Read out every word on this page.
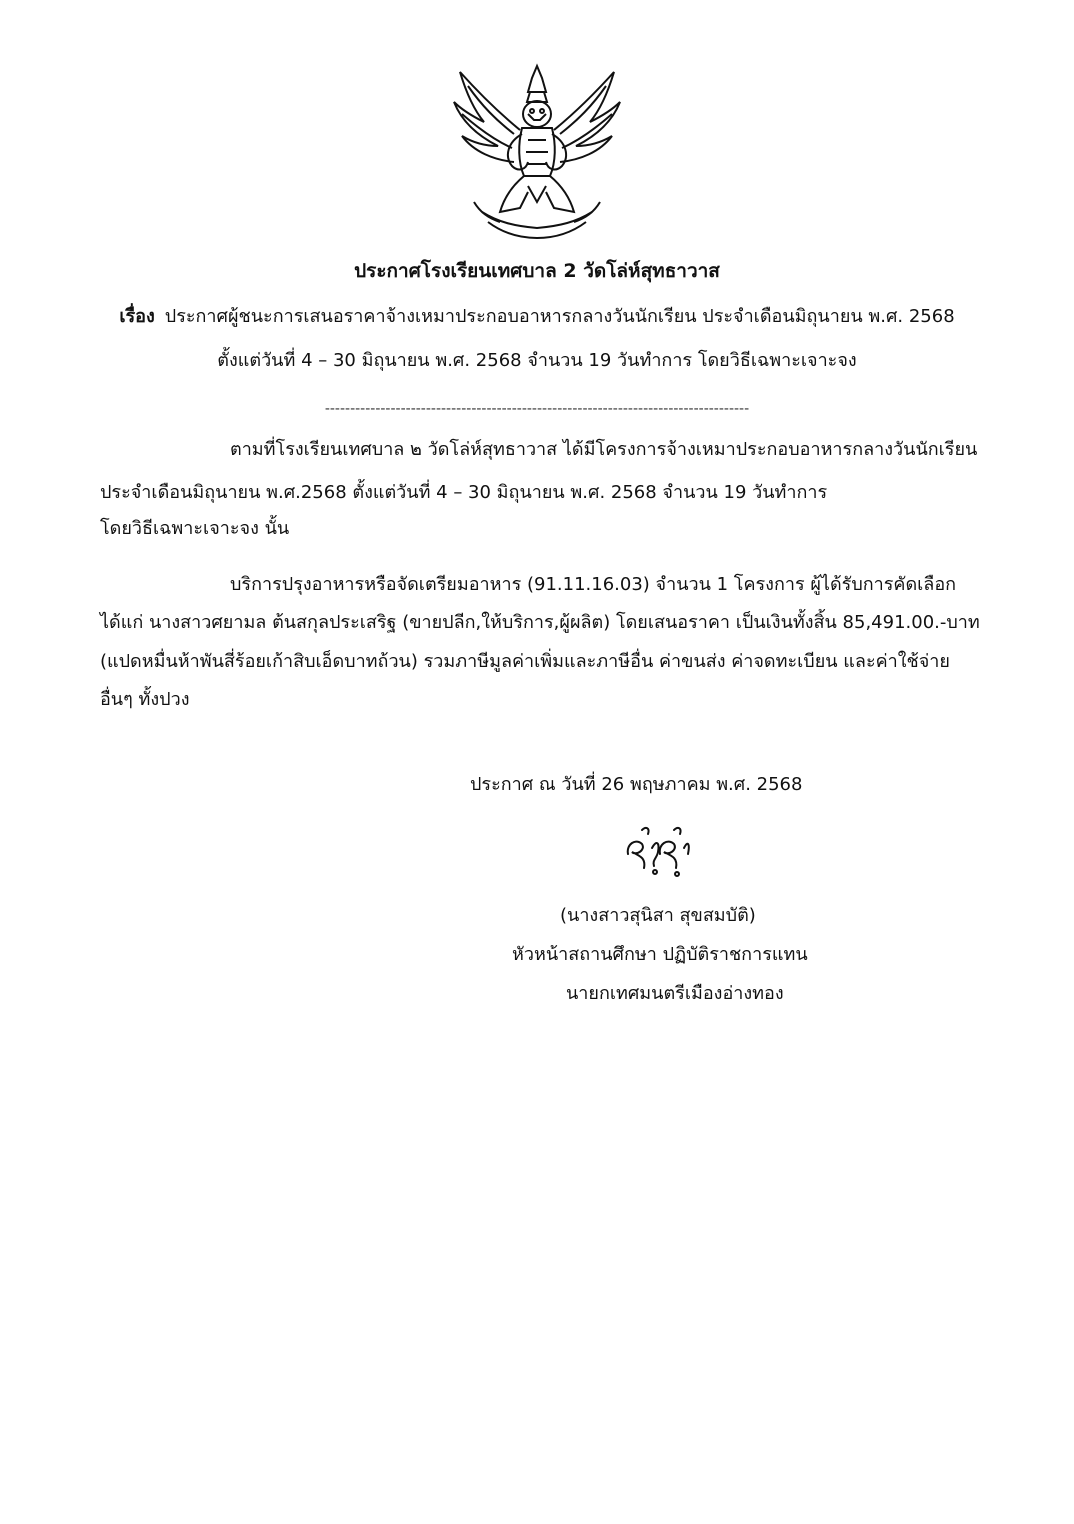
ประกาศโรงเรียนเทศบาล 2 วัดโล่ห์สุทธาวาส
เรื่อง ประกาศผู้ชนะการเสนอราคาจ้างเหมาประกอบอาหารกลางวันนักเรียน ประจำเดือนมิถุนายน พ.ศ. 2568
ตั้งแต่วันที่ 4 – 30 มิถุนายน พ.ศ. 2568 จำนวน 19 วันทำการ โดยวิธีเฉพาะเจาะจง
------------------------------------------------------------------------------------
ตามที่โรงเรียนเทศบาล ๒ วัดโล่ห์สุทธาวาส ได้มีโครงการจ้างเหมาประกอบอาหารกลางวันนักเรียน
ประจำเดือนมิถุนายน พ.ศ.2568 ตั้งแต่วันที่ 4 – 30 มิถุนายน พ.ศ. 2568 จำนวน 19 วันทำการ
โดยวิธีเฉพาะเจาะจง นั้น
บริการปรุงอาหารหรือจัดเตรียมอาหาร (91.11.16.03) จำนวน 1 โครงการ ผู้ได้รับการคัดเลือก
ได้แก่ นางสาวศยามล ต้นสกุลประเสริฐ (ขายปลีก,ให้บริการ,ผู้ผลิต) โดยเสนอราคา เป็นเงินทั้งสิ้น 85,491.00.-บาท
(แปดหมื่นห้าพันสี่ร้อยเก้าสิบเอ็ดบาทถ้วน) รวมภาษีมูลค่าเพิ่มและภาษีอื่น ค่าขนส่ง ค่าจดทะเบียน และค่าใช้จ่าย
อื่นๆ ทั้งปวง
ประกาศ ณ วันที่ 26 พฤษภาคม พ.ศ. 2568
(นางสาวสุนิสา สุขสมบัติ)
หัวหน้าสถานศึกษา ปฏิบัติราชการแทน
นายกเทศมนตรีเมืองอ่างทอง
